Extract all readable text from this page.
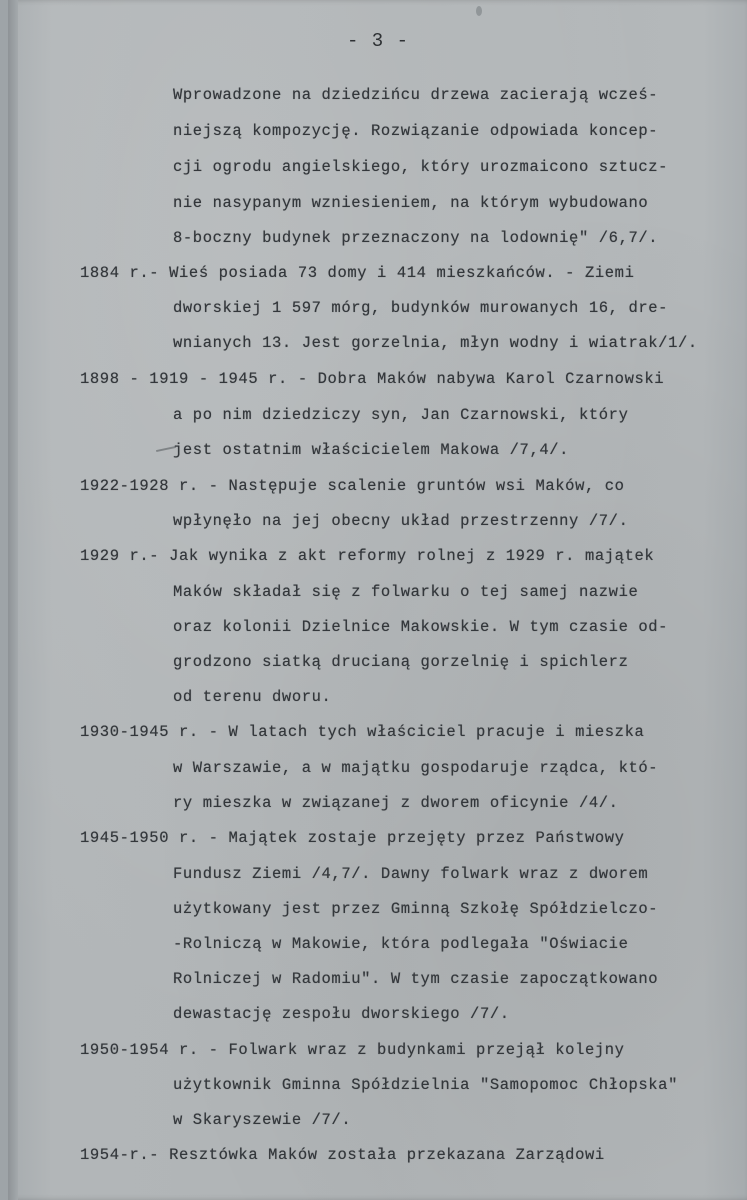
- 3 -
Wprowadzone na dziedzińcu drzewa zacierają wcześ-
niejszą kompozycję. Rozwiązanie odpowiada koncep-
cji ogrodu angielskiego, który urozmaicono sztucz-
nie nasypanym wzniesieniem, na którym wybudowano
8-boczny budynek przeznaczony na lodownię" /6,7/.
1884 r.- Wieś posiada 73 domy i 414 mieszkańców. - Ziemi
dworskiej 1 597 mórg, budynków murowanych 16, dre-
wnianych 13. Jest gorzelnia, młyn wodny i wiatrak/1/.
1898 - 1919 - 1945 r. - Dobra Maków nabywa Karol Czarnowski
a po nim dziedziczy syn, Jan Czarnowski, który
jest ostatnim właścicielem Makowa /7,4/.
1922-1928 r. - Następuje scalenie gruntów wsi Maków, co
wpłynęło na jej obecny układ przestrzenny /7/.
1929 r.- Jak wynika z akt reformy rolnej z 1929 r. majątek
Maków składał się z folwarku o tej samej nazwie
oraz kolonii Dzielnice Makowskie. W tym czasie od-
grodzono siatką drucianą gorzelnię i spichlerz
od terenu dworu.
1930-1945 r. - W latach tych właściciel pracuje i mieszka
w Warszawie, a w majątku gospodaruje rządca, któ-
ry mieszka w związanej z dworem oficynie /4/.
1945-1950 r. - Majątek zostaje przejęty przez Państwowy
Fundusz Ziemi /4,7/. Dawny folwark wraz z dworem
użytkowany jest przez Gminną Szkołę Spółdzielczo-
-Rolniczą w Makowie, która podlegała "Oświacie
Rolniczej w Radomiu". W tym czasie zapoczątkowano
dewastację zespołu dworskiego /7/.
1950-1954 r. - Folwark wraz z budynkami przejął kolejny
użytkownik Gminna Spółdzielnia "Samopomoc Chłopska"
w Skaryszewie /7/.
1954-r.- Resztówka Maków została przekazana Zarządowi
